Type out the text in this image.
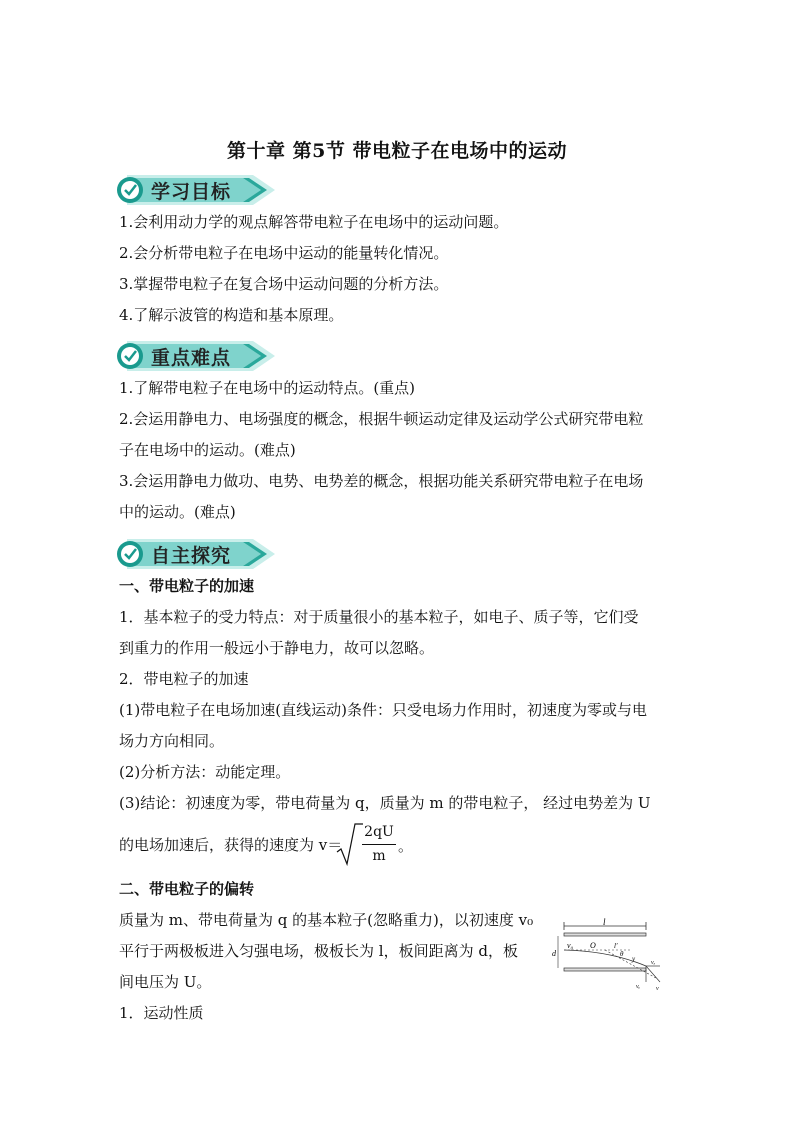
第十章 第5节 带电粒子在电场中的运动
学习目标
1.会利用动力学的观点解答带电粒子在电场中的运动问题。
2.会分析带电粒子在电场中运动的能量转化情况。
3.掌握带电粒子在复合场中运动问题的分析方法。
4.了解示波管的构造和基本原理。
重点难点
1.了解带电粒子在电场中的运动特点。(重点)
2.会运用静电力、电场强度的概念，根据牛顿运动定律及运动学公式研究带电粒
子在电场中的运动。(难点)
3.会运用静电力做功、电势、电势差的概念，根据功能关系研究带电粒子在电场
中的运动。(难点)
自主探究
一、带电粒子的加速
1．基本粒子的受力特点：对于质量很小的基本粒子，如电子、质子等，它们受
到重力的作用一般远小于静电力，故可以忽略。
2．带电粒子的加速
(1)带电粒子在电场加速(直线运动)条件：只受电场力作用时，初速度为零或与电
场力方向相同。
(2)分析方法：动能定理。
(3)结论：初速度为零，带电荷量为 q，质量为 m 的带电粒子， 经过电势差为 U
的电场加速后，获得的速度为 v＝
2qU
m
。
二、带电粒子的偏转
质量为 m、带电荷量为 q 的基本粒子(忽略重力)，以初速度 v₀
平行于两极板进入匀强电场，极板长为 l，板间距离为 d，板
间电压为 U。
1．运动性质
l
d
v₀ O	l′
θ
y	vₓ
vᵧ	v
